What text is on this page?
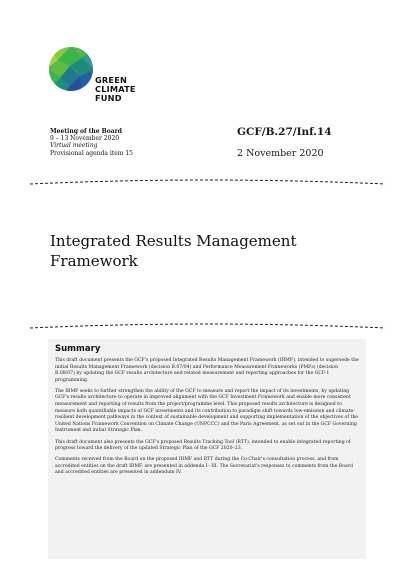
GREEN
CLIMATE
FUND
Meeting of the Board
9 – 13 November 2020
Virtual meeting
Provisional agenda item 15
GCF/B.27/Inf.14
2 November 2020
Integrated Results Management Framework
Summary

This draft document presents the GCF's proposed Integrated Results Management Framework (IRMF), intended to supersede the initial Results Management Framework (decision B.07/04) and Performance Measurement Frameworks (PMFs) (decision B.08/07) by updating the GCF results architecture and related measurement and reporting approaches for the GCF-1 programming.

The IRMF seeks to further strengthen the ability of the GCF to measure and report the impact of its investments, by updating GCF's results architecture to operate in improved alignment with the GCF Investment Framework and enable more consistent measurement and reporting of results from the project/programme level. This proposed results architecture is designed to measure both quantifiable impacts of GCF investments and its contribution to paradigm shift towards low-emission and climate-resilient development pathways in the context of sustainable development and supporting implementation of the objectives of the United Nations Framework Convention on Climate Change (UNFCCC) and the Paris Agreement, as set out in the GCF Governing Instrument and initial Strategic Plan.

This draft document also presents the GCF's proposed Results Tracking Tool (RTT), intended to enable integrated reporting of progress toward the delivery of the updated Strategic Plan of the GCF 2020–23.

Comments received from the Board on the proposed IRMF and RTT during the Co-Chair's consultation process, and from accredited entities on the draft IRMF, are presented in addenda I– III. The Secretariat's responses to comments from the Board and accredited entities are presented in addendum IV.
